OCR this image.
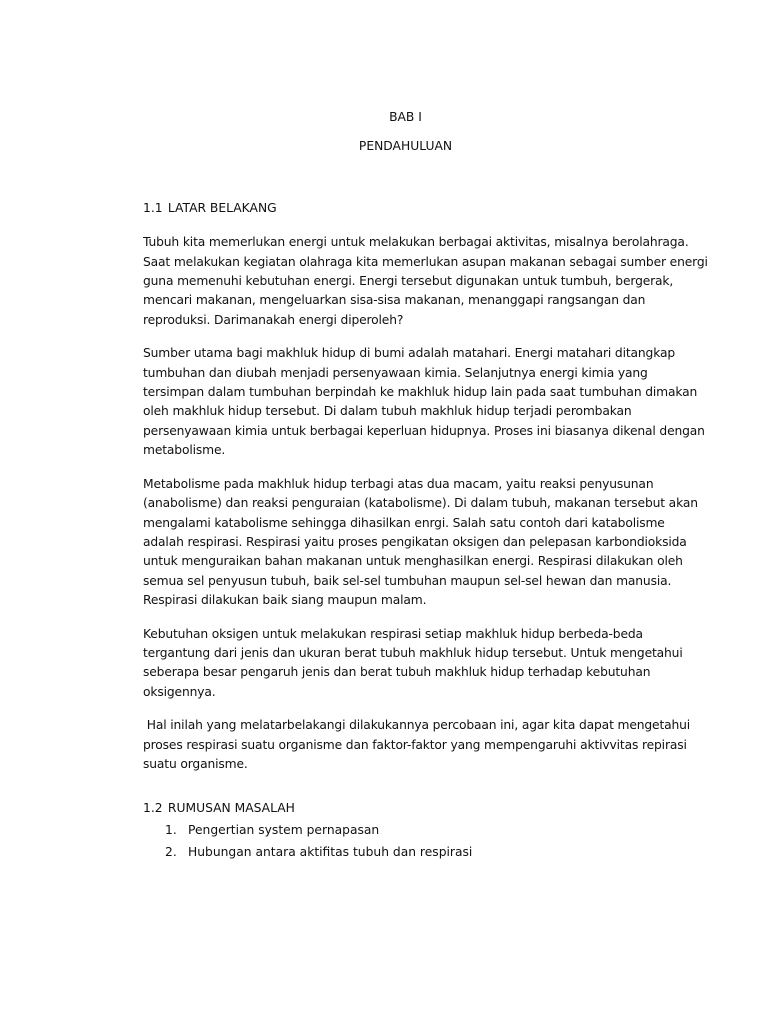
BAB I
PENDAHULUAN
1.1 LATAR BELAKANG

Tubuh kita memerlukan energi untuk melakukan berbagai aktivitas, misalnya berolahraga.
Saat melakukan kegiatan olahraga kita memerlukan asupan makanan sebagai sumber energi
guna memenuhi kebutuhan energi. Energi tersebut digunakan untuk tumbuh, bergerak,
mencari makanan, mengeluarkan sisa-sisa makanan, menanggapi rangsangan dan
reproduksi. Darimanakah energi diperoleh?

Sumber utama bagi makhluk hidup di bumi adalah matahari. Energi matahari ditangkap
tumbuhan dan diubah menjadi persenyawaan kimia. Selanjutnya energi kimia yang
tersimpan dalam tumbuhan berpindah ke makhluk hidup lain pada saat tumbuhan dimakan
oleh makhluk hidup tersebut. Di dalam tubuh makhluk hidup terjadi perombakan
persenyawaan kimia untuk berbagai keperluan hidupnya. Proses ini biasanya dikenal dengan
metabolisme.

Metabolisme pada makhluk hidup terbagi atas dua macam, yaitu reaksi penyusunan
(anabolisme) dan reaksi penguraian (katabolisme). Di dalam tubuh, makanan tersebut akan
mengalami katabolisme sehingga dihasilkan enrgi. Salah satu contoh dari katabolisme
adalah respirasi. Respirasi yaitu proses pengikatan oksigen dan pelepasan karbondioksida
untuk menguraikan bahan makanan untuk menghasilkan energi. Respirasi dilakukan oleh
semua sel penyusun tubuh, baik sel-sel tumbuhan maupun sel-sel hewan dan manusia.
Respirasi dilakukan baik siang maupun malam.

Kebutuhan oksigen untuk melakukan respirasi setiap makhluk hidup berbeda-beda
tergantung dari jenis dan ukuran berat tubuh makhluk hidup tersebut. Untuk mengetahui
seberapa besar pengaruh jenis dan berat tubuh makhluk hidup terhadap kebutuhan
oksigennya.

Hal inilah yang melatarbelakangi dilakukannya percobaan ini, agar kita dapat mengetahui
proses respirasi suatu organisme dan faktor-faktor yang mempengaruhi aktivvitas repirasi
suatu organisme.

1.2 RUMUSAN MASALAH
1. Pengertian system pernapasan
2. Hubungan antara aktifitas tubuh dan respirasi
